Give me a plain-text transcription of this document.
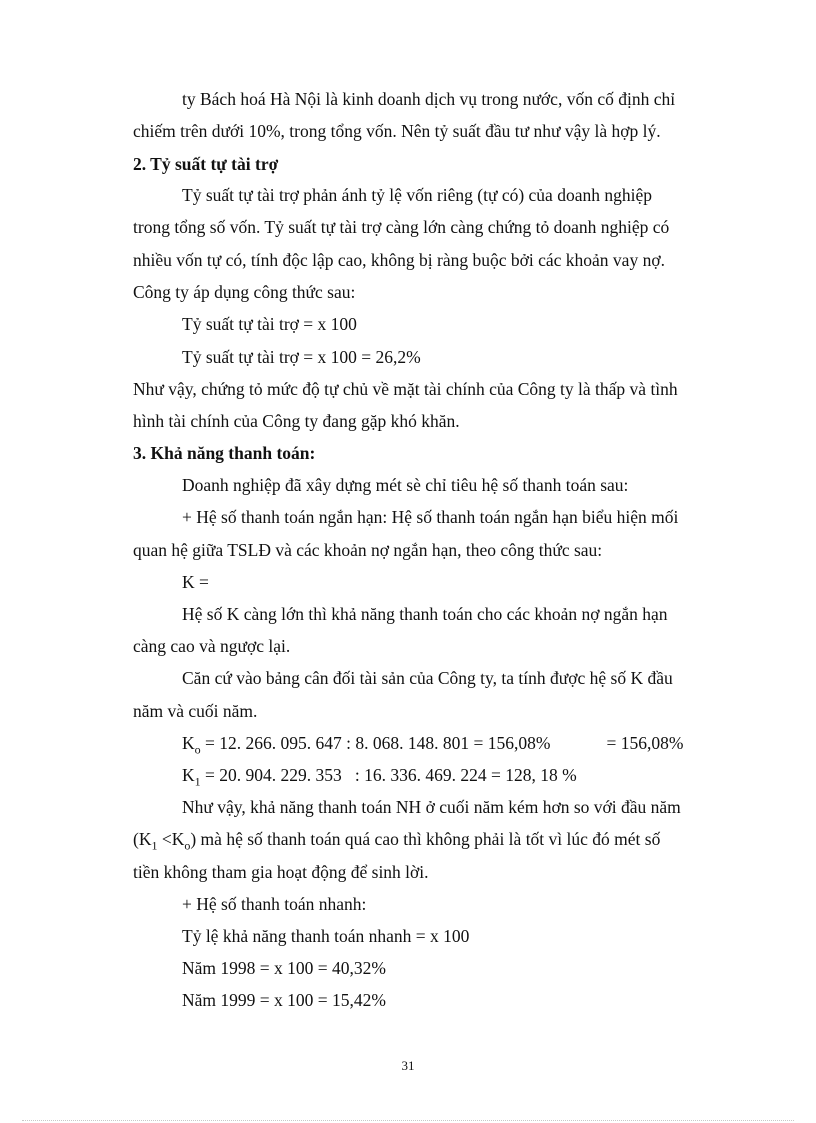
ty Bách hoá Hà Nội là kinh doanh dịch vụ trong nước, vốn cố định chỉ

chiếm trên dưới 10%, trong tổng vốn. Nên tỷ suất đầu tư như vậy là hợp lý.

2. Tỷ suất tự tài trợ

Tỷ suất tự tài trợ phản ánh tỷ lệ vốn riêng (tự có) của doanh nghiệp

trong tổng số vốn. Tỷ suất tự tài trợ càng lớn càng chứng tỏ doanh nghiệp có

nhiều vốn tự có, tính độc lập cao, không bị ràng buộc bởi các khoản vay nợ.

Công ty áp dụng công thức sau:

Tỷ suất tự tài trợ = x 100

Tỷ suất tự tài trợ = x 100 = 26,2%

Như vậy, chứng tỏ mức độ tự chủ về mặt tài chính của Công ty là thấp và tình

hình tài chính của Công ty đang gặp khó khăn.

3. Khả năng thanh toán:

Doanh nghiệp đã xây dựng mét sè chỉ tiêu hệ số thanh toán sau:

+ Hệ số thanh toán ngắn hạn: Hệ số thanh toán ngắn hạn biểu hiện mối

quan hệ giữa TSLĐ và các khoản nợ ngắn hạn, theo công thức sau:

K =

Hệ số K càng lớn thì khả năng thanh toán cho các khoản nợ ngắn hạn

càng cao và ngược lại.

Căn cứ vào bảng cân đối tài sản của Công ty, ta tính được hệ số K đầu

năm và cuối năm.

$K_o = 12$. 266. 095. 647 : 8. 068. 148. 801 = 156,08%	= 156,08%

$K_1 = 20$. 904. 229. 353   : 16. 336. 469. 224 = 128, 18 %

Như vậy, khả năng thanh toán NH ở cuối năm kém hơn so với đầu năm

$(K_1 <K_o)$ mà hệ số thanh toán quá cao thì không phải là tốt vì lúc đó mét số

tiền không tham gia hoạt động để sinh lời.

+ Hệ số thanh toán nhanh:

Tỷ lệ khả năng thanh toán nhanh = x 100

Năm 1998 = x 100 = 40,32%

Năm 1999 = x 100 = 15,42%

31
